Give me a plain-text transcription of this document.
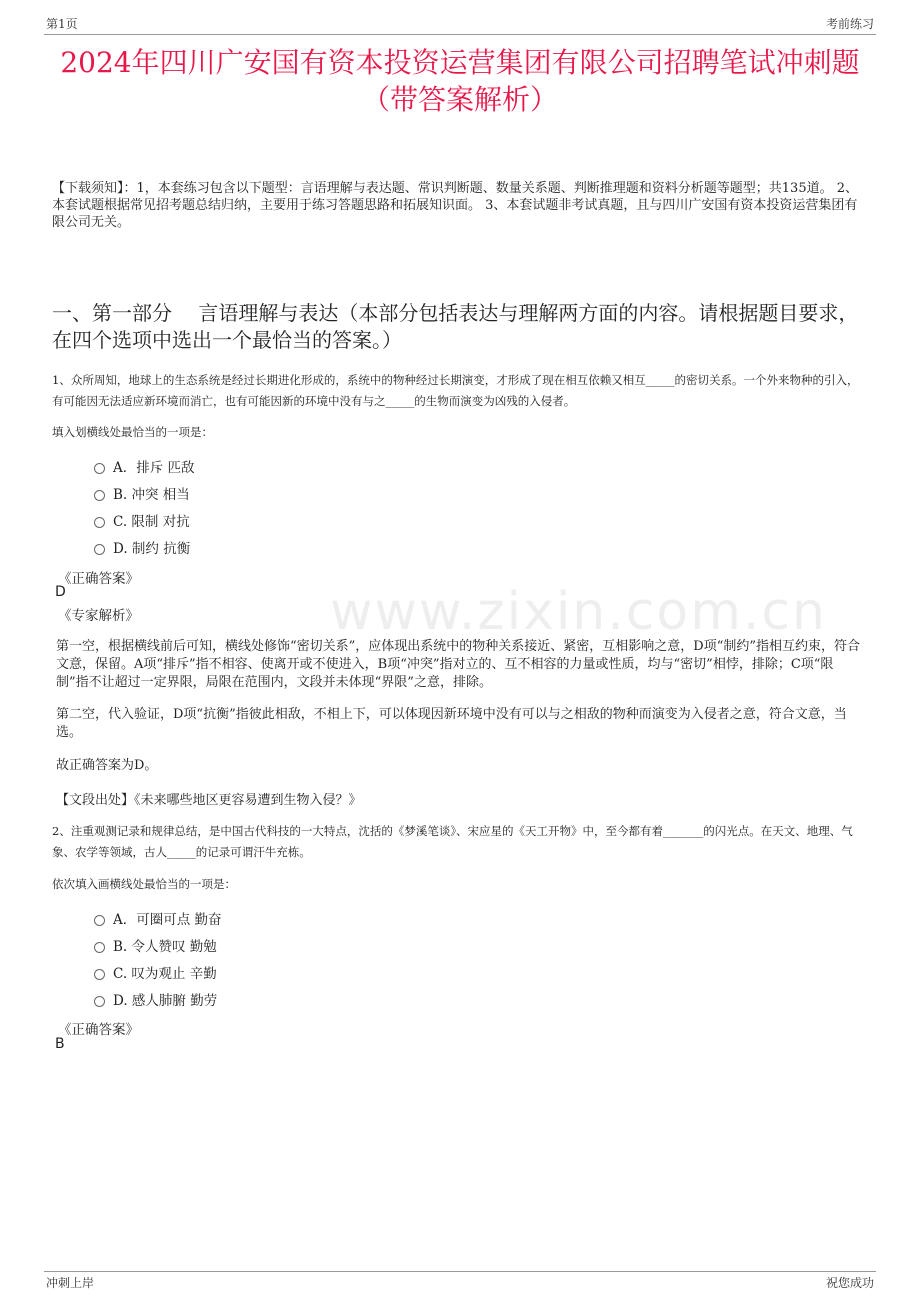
第1页	考前练习
2024年四川广安国有资本投资运营集团有限公司招聘笔试冲刺题（带答案解析）
【下载须知】：1，本套练习包含以下题型：言语理解与表达题、常识判断题、数量关系题、判断推理题和资料分析题等题型；共135道。 2、本套试题根据常见招考题总结归纳，主要用于练习答题思路和拓展知识面。 3、本套试题非考试真题，且与四川广安国有资本投资运营集团有限公司无关。
一、第一部分　 言语理解与表达（本部分包括表达与理解两方面的内容。请根据题目要求，在四个选项中选出一个最恰当的答案。）
www.zixin.com.cn
1、众所周知，地球上的生态系统是经过长期进化形成的，系统中的物种经过长期演变，才形成了现在相互依赖又相互_____的密切关系。一个外来物种的引入，有可能因无法适应新环境而消亡，也有可能因新的环境中没有与之_____的生物而演变为凶残的入侵者。
填入划横线处最恰当的一项是：
A．排斥 匹敌
B. 冲突 相当
C. 限制 对抗
D. 制约 抗衡
《正确答案》
D
《专家解析》
第一空，根据横线前后可知，横线处修饰“密切关系”，应体现出系统中的物种关系接近、紧密，互相影响之意，D项“制约”指相互约束，符合文意，保留。A项“排斥”指不相容、使离开或不使进入，B项“冲突”指对立的、互不相容的力量或性质，均与“密切”相悖，排除；C项“限制”指不让超过一定界限，局限在范围内，文段并未体现“界限”之意，排除。
第二空，代入验证，D项“抗衡”指彼此相敌，不相上下，可以体现因新环境中没有可以与之相敌的物种而演变为入侵者之意，符合文意，当选。
故正确答案为D。
【文段出处】《未来哪些地区更容易遭到生物入侵？》
2、注重观测记录和规律总结，是中国古代科技的一大特点，沈括的《梦溪笔谈》、宋应星的《天工开物》中，至今都有着_______的闪光点。在天文、地理、气象、农学等领域，古人_____的记录可谓汗牛充栋。
依次填入画横线处最恰当的一项是：
A．可圈可点 勤奋
B. 令人赞叹 勤勉
C. 叹为观止 辛勤
D. 感人肺腑 勤劳
《正确答案》
B
冲刺上岸	祝您成功
